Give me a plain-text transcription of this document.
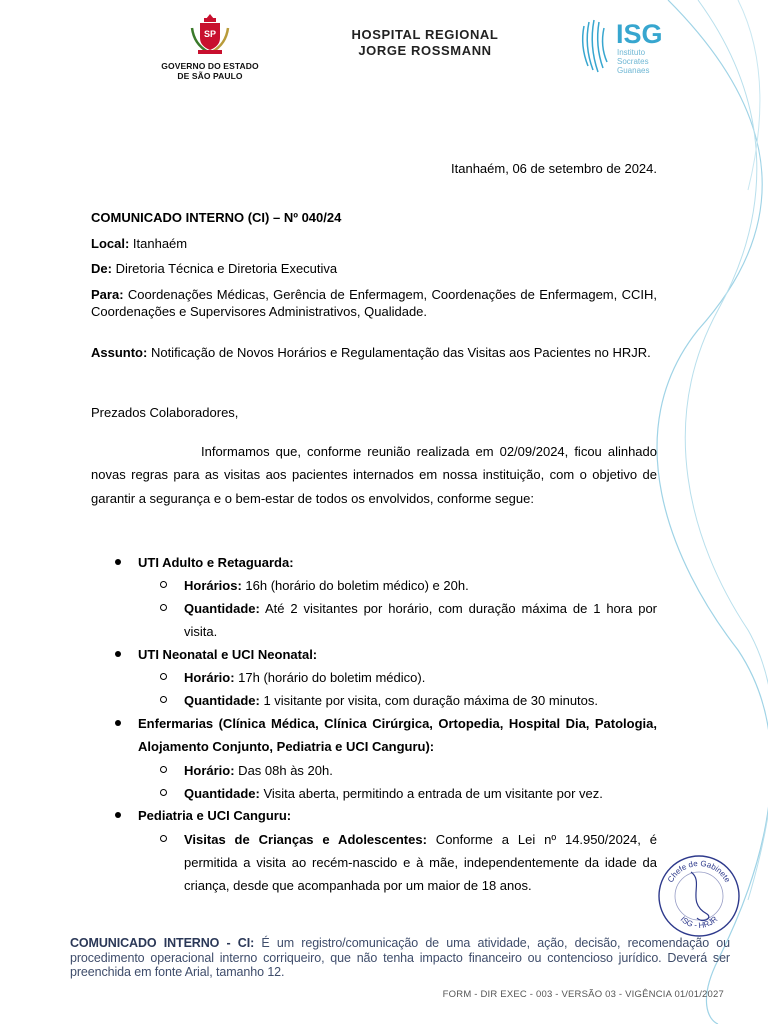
SP
GOVERNO DO ESTADO
DE SÃO PAULO
HOSPITAL REGIONAL
JORGE ROSSMANN
ISG
Instituto
Socrates
Guanaes
Itanhaém, 06 de setembro de 2024.
COMUNICADO INTERNO (CI) – Nº 040/24
Local: Itanhaém
De: Diretoria Técnica e Diretoria Executiva
Para: Coordenações Médicas, Gerência de Enfermagem, Coordenações de Enfermagem, CCIH, Coordenações e Supervisores Administrativos, Qualidade.
Assunto: Notificação de Novos Horários e Regulamentação das Visitas aos Pacientes no HRJR.
Prezados Colaboradores,
Informamos que, conforme reunião realizada em 02/09/2024, ficou alinhado novas regras para as visitas aos pacientes internados em nossa instituição, com o objetivo de garantir a segurança e o bem-estar de todos os envolvidos, conforme segue:
UTI Adulto e Retaguarda:
Horários: 16h (horário do boletim médico) e 20h.
Quantidade: Até 2 visitantes por horário, com duração máxima de 1 hora por visita.
UTI Neonatal e UCI Neonatal:
Horário: 17h (horário do boletim médico).
Quantidade: 1 visitante por visita, com duração máxima de 30 minutos.
Enfermarias (Clínica Médica, Clínica Cirúrgica, Ortopedia, Hospital Dia, Patologia, Alojamento Conjunto, Pediatria e UCI Canguru):
Horário: Das 08h às 20h.
Quantidade: Visita aberta, permitindo a entrada de um visitante por vez.
Pediatria e UCI Canguru:
Visitas de Crianças e Adolescentes: Conforme a Lei nº 14.950/2024, é permitida a visita ao recém-nascido e à mãe, independentemente da idade da criança, desde que acompanhada por um maior de 18 anos.	Chefe de Gabinete
ISG - HRJR
COMUNICADO INTERNO - CI: É um registro/comunicação de uma atividade, ação, decisão, recomendação ou procedimento operacional interno corriqueiro, que não tenha impacto financeiro ou contencioso jurídico. Deverá ser preenchida em fonte Arial, tamanho 12.
FORM - DIR EXEC - 003 - VERSÃO 03 - VIGÊNCIA 01/01/2027
